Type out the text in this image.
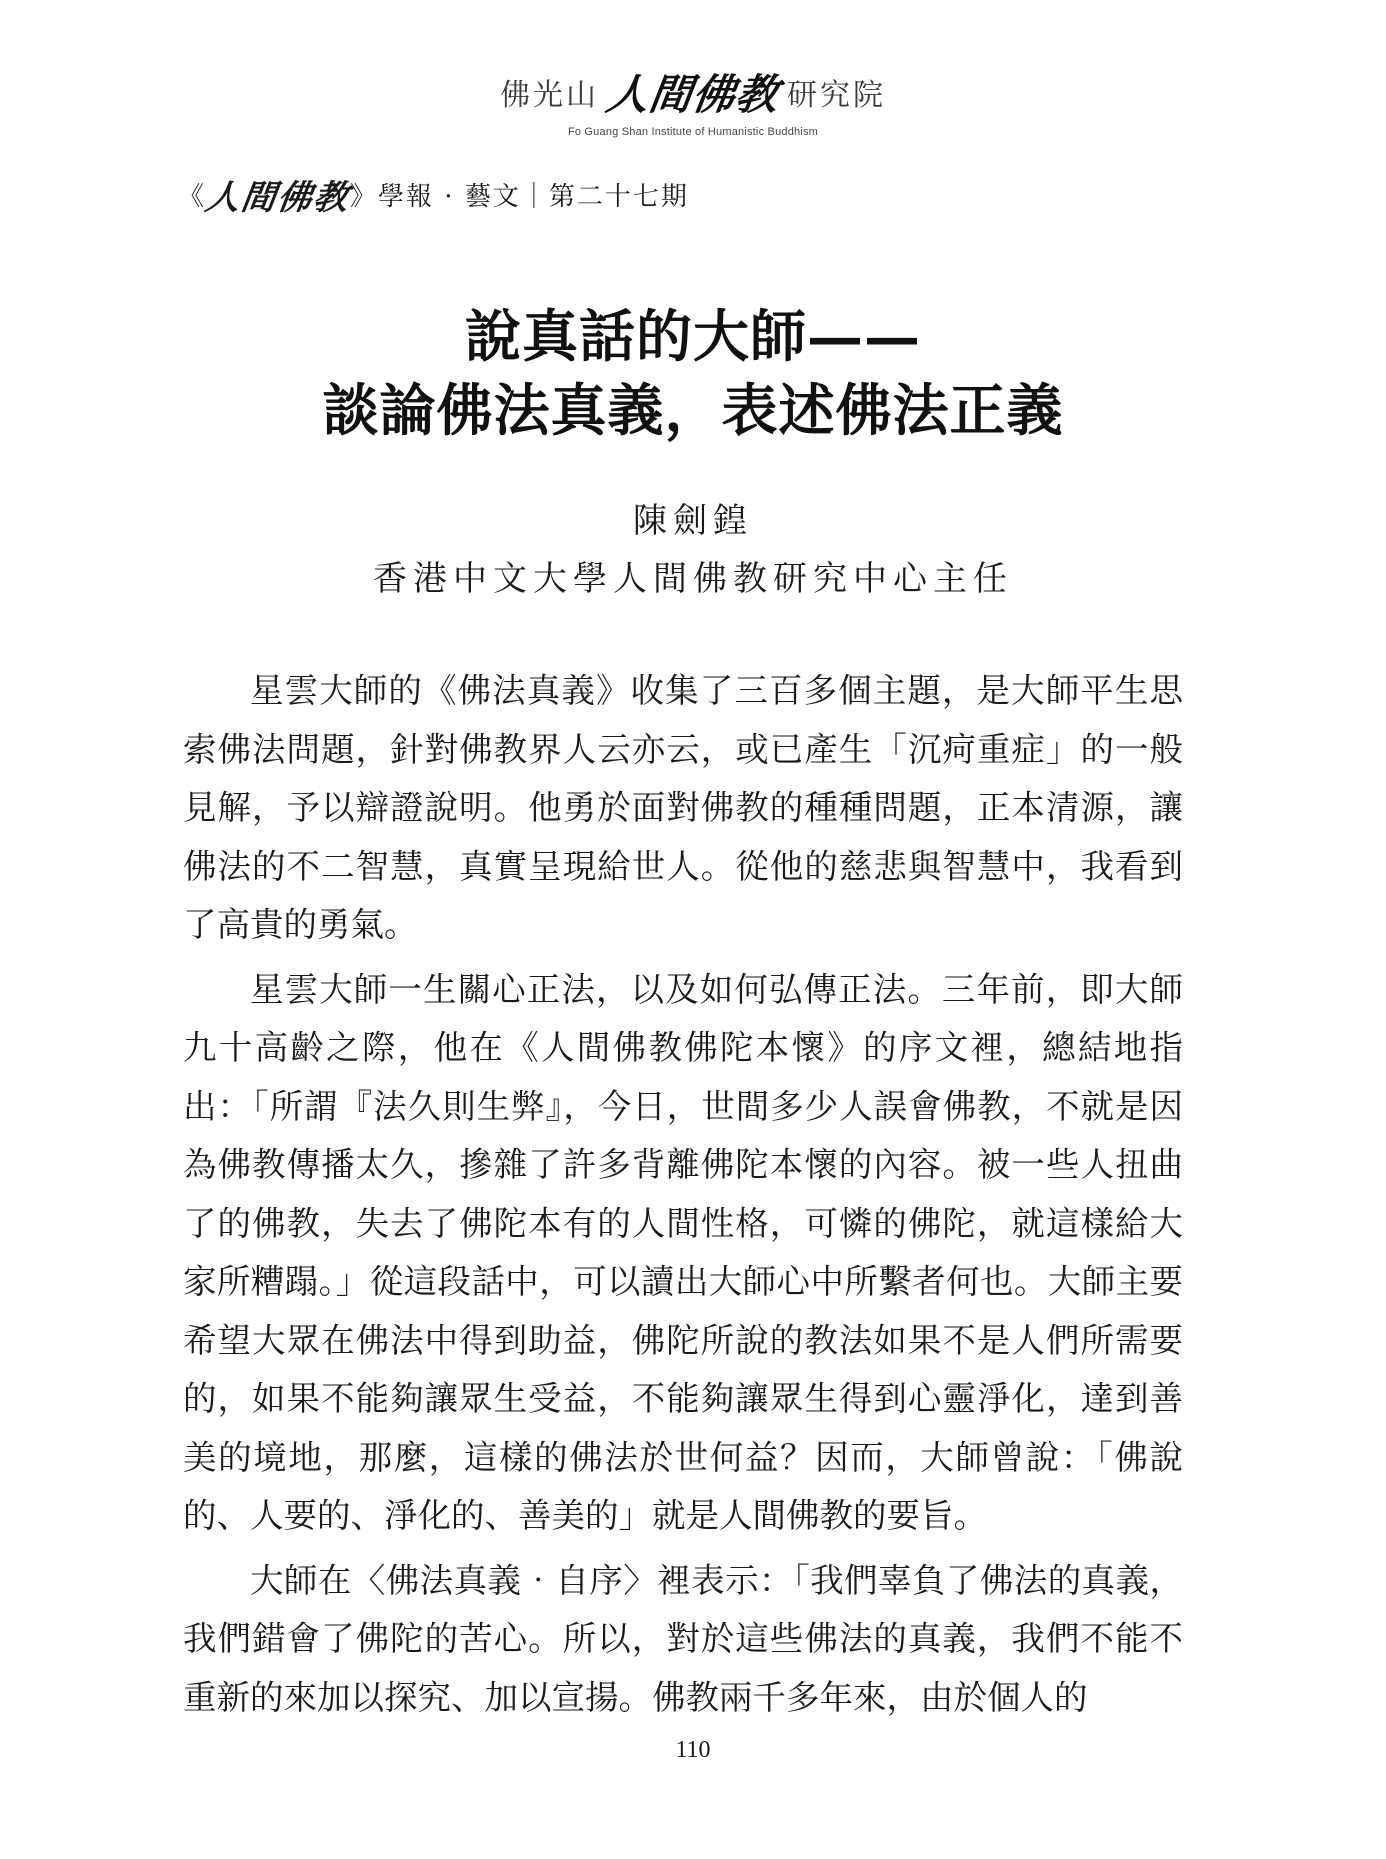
佛光山 人間佛教 研究院
Fo Guang Shan Institute of Humanistic Buddhism
《
人間佛教
》 學報 · 藝文｜第二十七期
說真話的大師——
談論佛法真義，表述佛法正義
陳劍鍠
香港中文大學人間佛教研究中心主任

星雲大師的《佛法真義》收集了三百多個主題，是大師平生思索佛法問題，針對佛教界人云亦云，或已產生「沉疴重症」的一般見解，予以辯證說明。他勇於面對佛教的種種問題，正本清源，讓佛法的不二智慧，真實呈現給世人。從他的慈悲與智慧中，我看到了高貴的勇氣。

星雲大師一生關心正法，以及如何弘傳正法。三年前，即大師九十高齡之際，他在《人間佛教佛陀本懷》的序文裡，總結地指出：「所謂『法久則生弊』，今日，世間多少人誤會佛教，不就是因為佛教傳播太久，摻雜了許多背離佛陀本懷的內容。被一些人扭曲了的佛教，失去了佛陀本有的人間性格，可憐的佛陀，就這樣給大家所糟蹋。」從這段話中，可以讀出大師心中所繫者何也。大師主要希望大眾在佛法中得到助益，佛陀所說的教法如果不是人們所需要的，如果不能夠讓眾生受益，不能夠讓眾生得到心靈淨化，達到善美的境地，那麼，這樣的佛法於世何益？因而，大師曾說：「佛說的、人要的、淨化的、善美的」就是人間佛教的要旨。

大師在〈佛法真義‧自序〉裡表示：「我們辜負了佛法的真義，我們錯會了佛陀的苦心。所以，對於這些佛法的真義，我們不能不重新的來加以探究、加以宣揚。佛教兩千多年來，由於個人的

110
